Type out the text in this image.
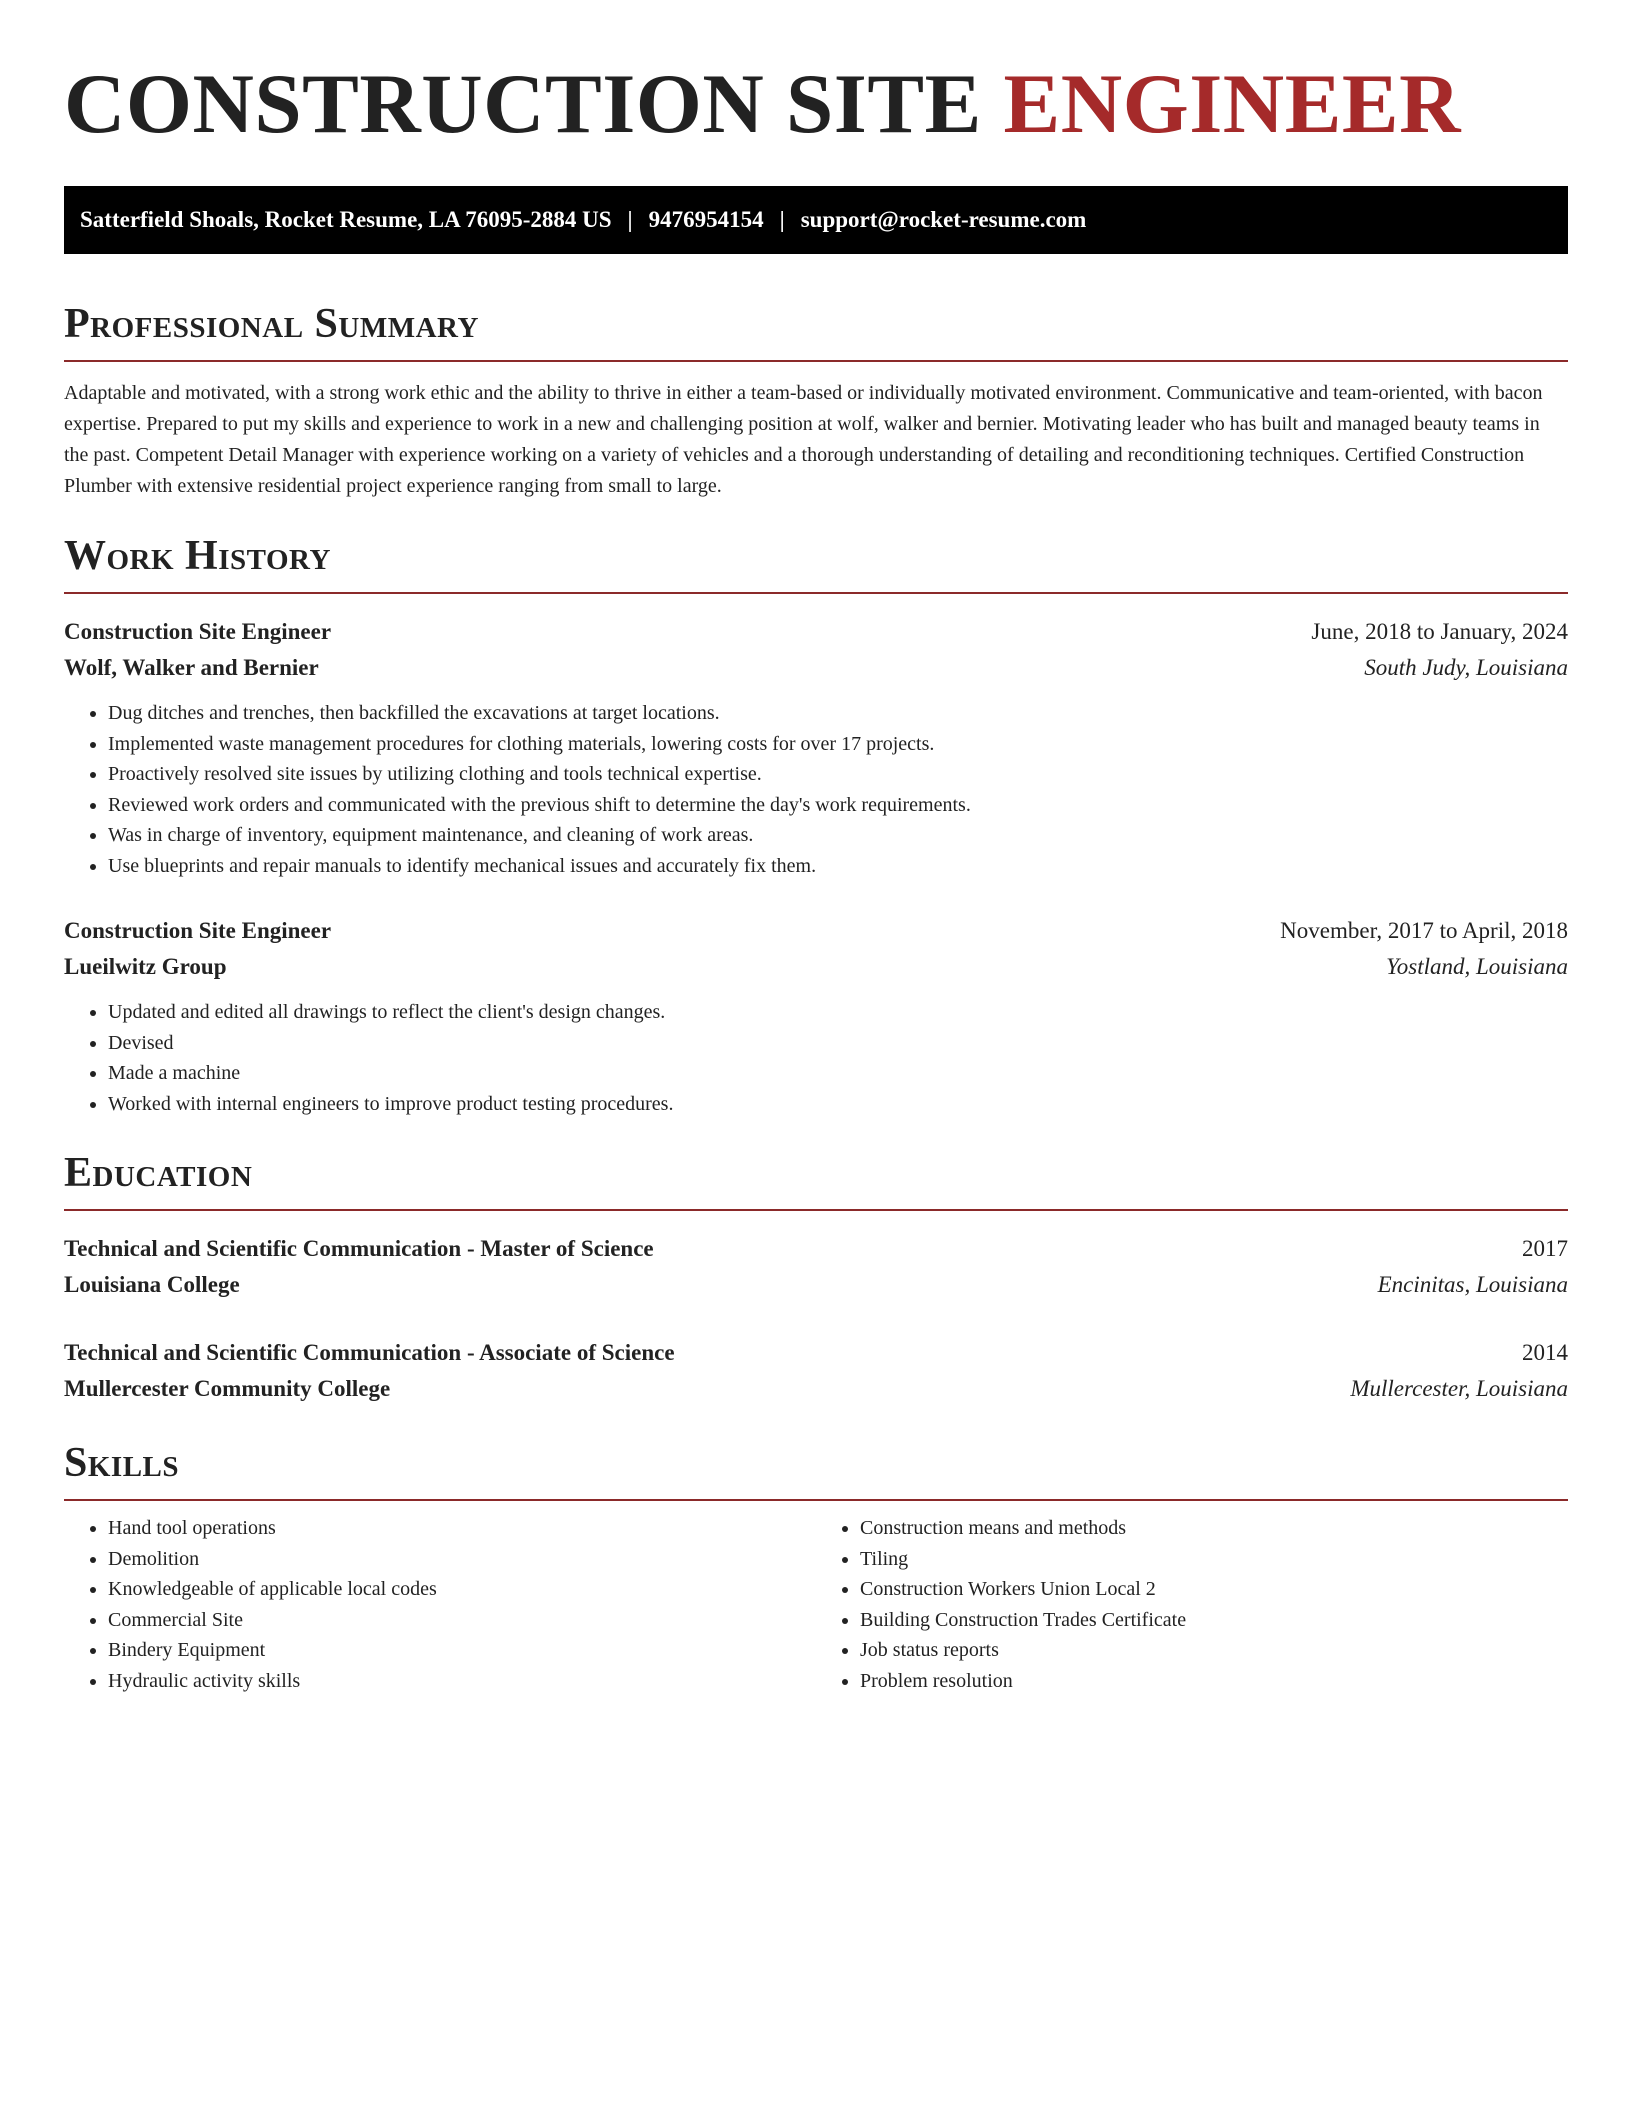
CONSTRUCTION SITE ENGINEER
Satterfield Shoals, Rocket Resume, LA 76095-2884 US | 9476954154 | support@rocket-resume.com
Professional Summary

Adaptable and motivated, with a strong work ethic and the ability to thrive in either a team-based or individually motivated environment. Communicative and team-oriented, with bacon expertise. Prepared to put my skills and experience to work in a new and challenging position at wolf, walker and bernier. Motivating leader who has built and managed beauty teams in the past. Competent Detail Manager with experience working on a variety of vehicles and a thorough understanding of detailing and reconditioning techniques. Certified Construction Plumber with extensive residential project experience ranging from small to large.

Work History
Construction Site Engineer	June, 2018 to January, 2024
Wolf, Walker and Bernier	South Judy, Louisiana
• Dug ditches and trenches, then backfilled the excavations at target locations.
• Implemented waste management procedures for clothing materials, lowering costs for over 17 projects.
• Proactively resolved site issues by utilizing clothing and tools technical expertise.
• Reviewed work orders and communicated with the previous shift to determine the day's work requirements.
• Was in charge of inventory, equipment maintenance, and cleaning of work areas.
• Use blueprints and repair manuals to identify mechanical issues and accurately fix them.
Construction Site Engineer	November, 2017 to April, 2018
Lueilwitz Group	Yostland, Louisiana
• Updated and edited all drawings to reflect the client's design changes.
• Devised
• Made a machine
• Worked with internal engineers to improve product testing procedures.
Education
Technical and Scientific Communication - Master of Science	2017
Louisiana College	Encinitas, Louisiana
Technical and Scientific Communication - Associate of Science	2014
Mullercester Community College	Mullercester, Louisiana
Skills
• Hand tool operations
• Demolition
• Knowledgeable of applicable local codes
• Commercial Site
• Bindery Equipment
• Hydraulic activity skills
• Construction means and methods
• Tiling
• Construction Workers Union Local 2
• Building Construction Trades Certificate
• Job status reports
• Problem resolution
